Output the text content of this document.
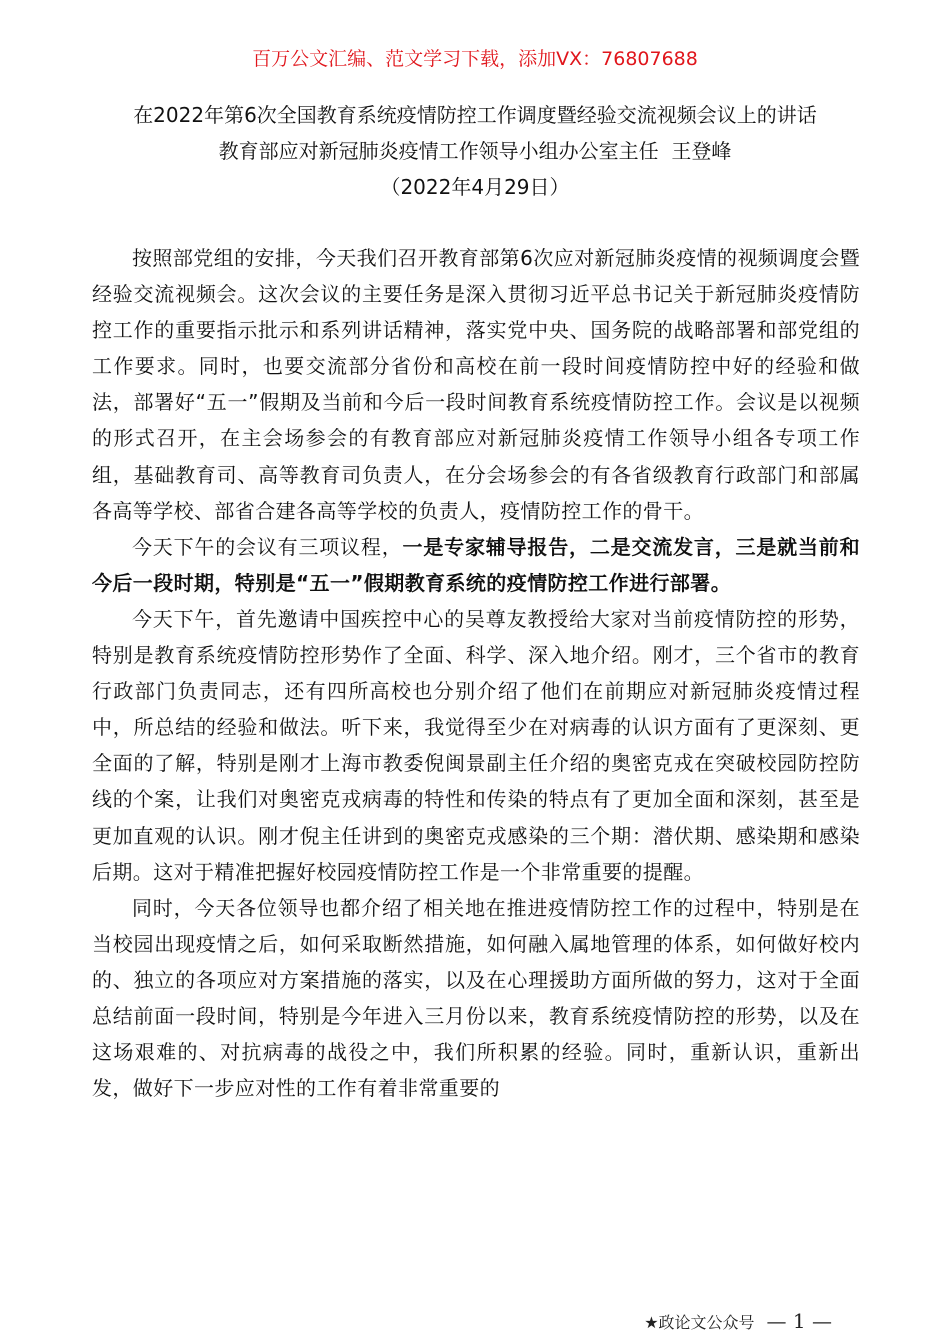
百万公文汇编、范文学习下载，添加VX：76807688
在2022年第6次全国教育系统疫情防控工作调度暨经验交流视频会议上的讲话
教育部应对新冠肺炎疫情工作领导小组办公室主任  王登峰
（2022年4月29日）

按照部党组的安排，今天我们召开教育部第6次应对新冠肺炎疫情的视频调度会暨经验交流视频会。这次会议的主要任务是深入贯彻习近平总书记关于新冠肺炎疫情防控工作的重要指示批示和系列讲话精神，落实党中央、国务院的战略部署和部党组的工作要求。同时，也要交流部分省份和高校在前一段时间疫情防控中好的经验和做法，部署好“五一”假期及当前和今后一段时间教育系统疫情防控工作。会议是以视频的形式召开，在主会场参会的有教育部应对新冠肺炎疫情工作领导小组各专项工作组，基础教育司、高等教育司负责人，在分会场参会的有各省级教育行政部门和部属各高等学校、部省合建各高等学校的负责人，疫情防控工作的骨干。

今天下午的会议有三项议程，一是专家辅导报告，二是交流发言，三是就当前和今后一段时期，特别是“五一”假期教育系统的疫情防控工作进行部署。

今天下午，首先邀请中国疾控中心的吴尊友教授给大家对当前疫情防控的形势，特别是教育系统疫情防控形势作了全面、科学、深入地介绍。刚才，三个省市的教育行政部门负责同志，还有四所高校也分别介绍了他们在前期应对新冠肺炎疫情过程中，所总结的经验和做法。听下来，我觉得至少在对病毒的认识方面有了更深刻、更全面的了解，特别是刚才上海市教委倪闽景副主任介绍的奥密克戎在突破校园防控防线的个案，让我们对奥密克戎病毒的特性和传染的特点有了更加全面和深刻，甚至是更加直观的认识。刚才倪主任讲到的奥密克戎感染的三个期：潜伏期、感染期和感染后期。这对于精准把握好校园疫情防控工作是一个非常重要的提醒。

同时，今天各位领导也都介绍了相关地在推进疫情防控工作的过程中，特别是在当校园出现疫情之后，如何采取断然措施，如何融入属地管理的体系，如何做好校内的、独立的各项应对方案措施的落实，以及在心理援助方面所做的努力，这对于全面总结前面一段时间，特别是今年进入三月份以来，教育系统疫情防控的形势，以及在这场艰难的、对抗病毒的战役之中，我们所积累的经验。同时，重新认识，重新出发，做好下一步应对性的工作有着非常重要的

★政论文公众号 — 1 —
